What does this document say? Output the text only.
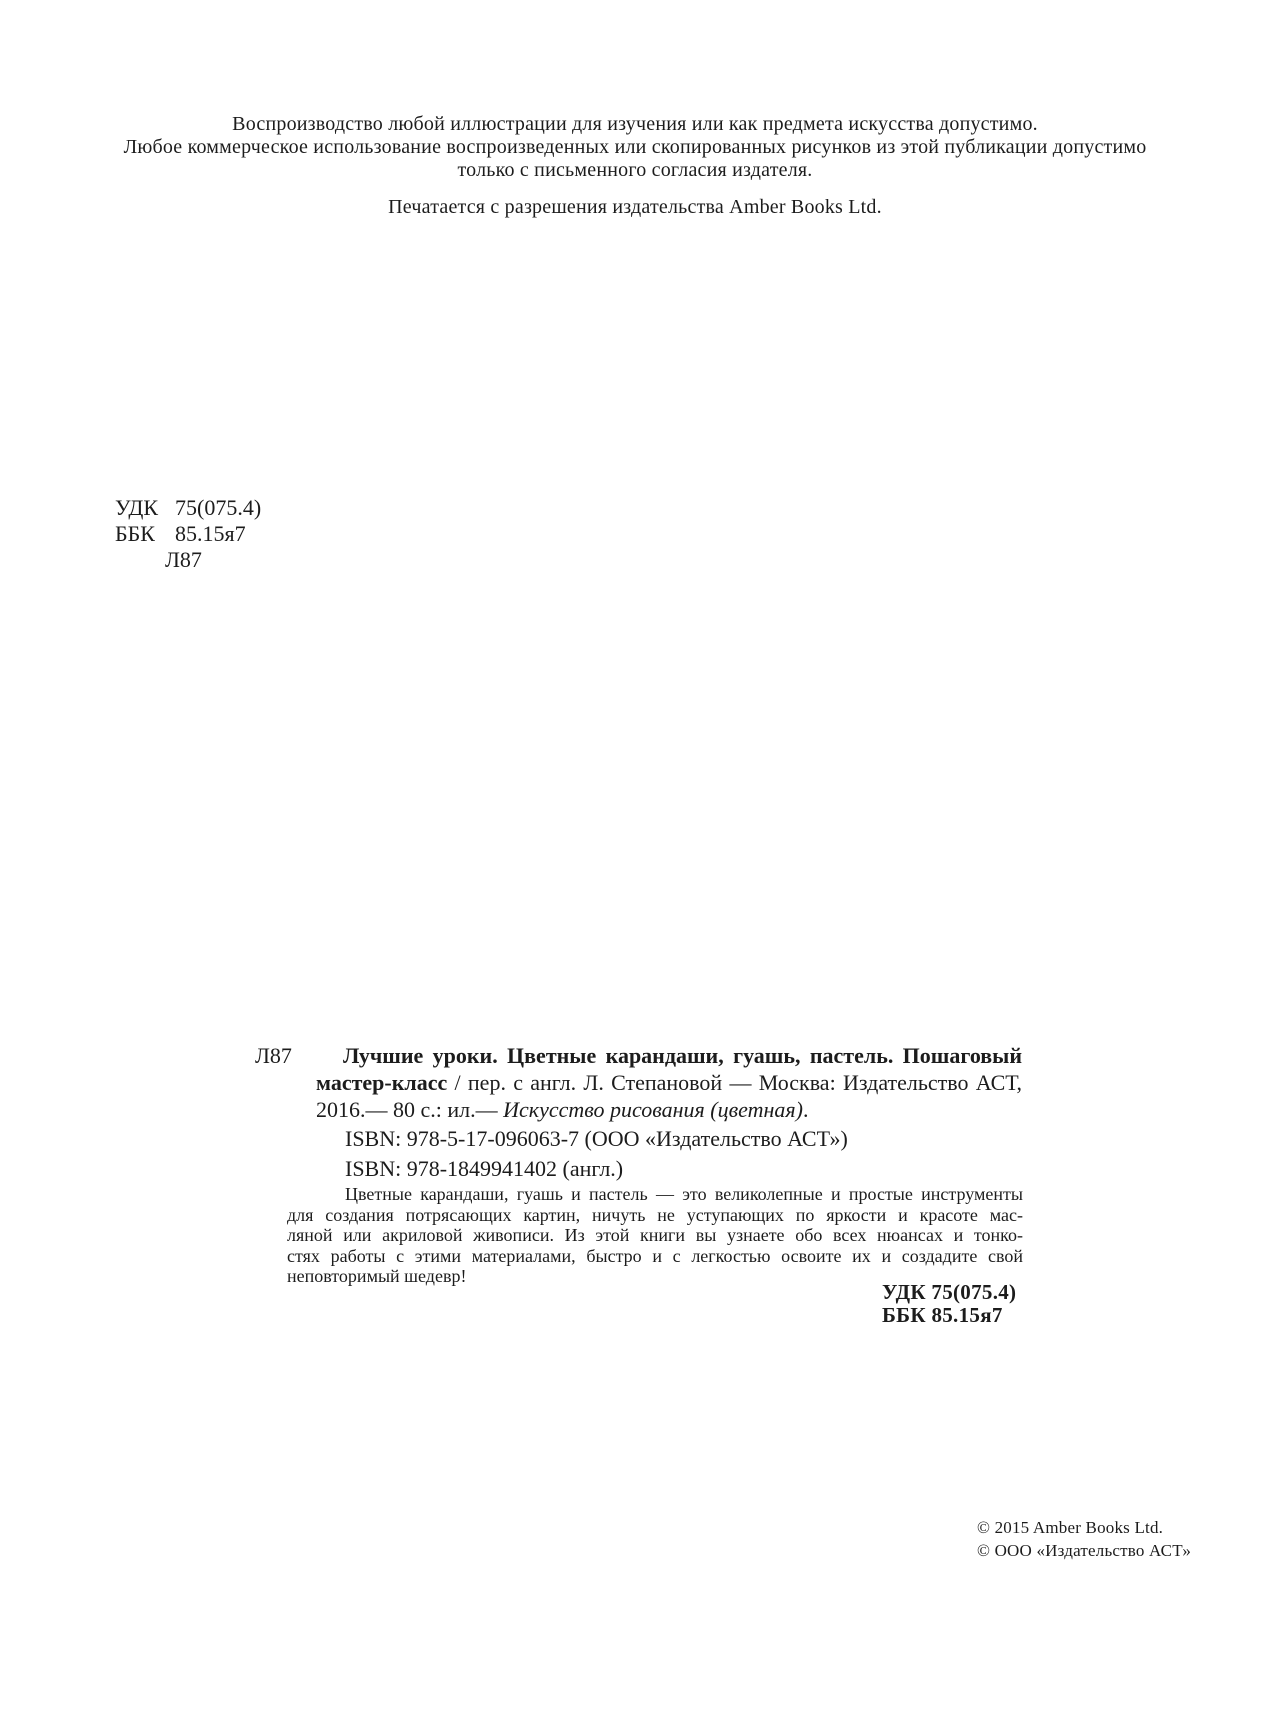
Воспроизводство любой иллюстрации для изучения или как предмета искусства допустимо.
Любое коммерческое использование воспроизведенных или скопированных рисунков из этой публикации допустимо
только с письменного согласия издателя.
Печатается с разрешения издательства Amber Books Ltd.
УДК 75(075.4)
ББК 85.15я7
Л87
Л87	Лучшие уроки. Цветные карандаши, гуашь, пастель. Пошаговый
мастер-класс / пер. с англ. Л. Степановой — Москва: Издательство АСТ,
2016.— 80 с.: ил.— Искусство рисования (цветная).
ISBN: 978-5-17-096063-7 (ООО «Издательство АСТ»)
ISBN: 978-1849941402 (англ.)
Цветные карандаши, гуашь и пастель — это великолепные и простые инструменты
для создания потрясающих картин, ничуть не уступающих по яркости и красоте мас-
ляной или акриловой живописи. Из этой книги вы узнаете обо всех нюансах и тонко-
стях работы с этими материалами, быстро и с легкостью освоите их и создадите свой
неповторимый шедевр!
УДК 75(075.4)
ББК 85.15я7
© 2015 Amber Books Ltd.
© ООО «Издательство АСТ»
